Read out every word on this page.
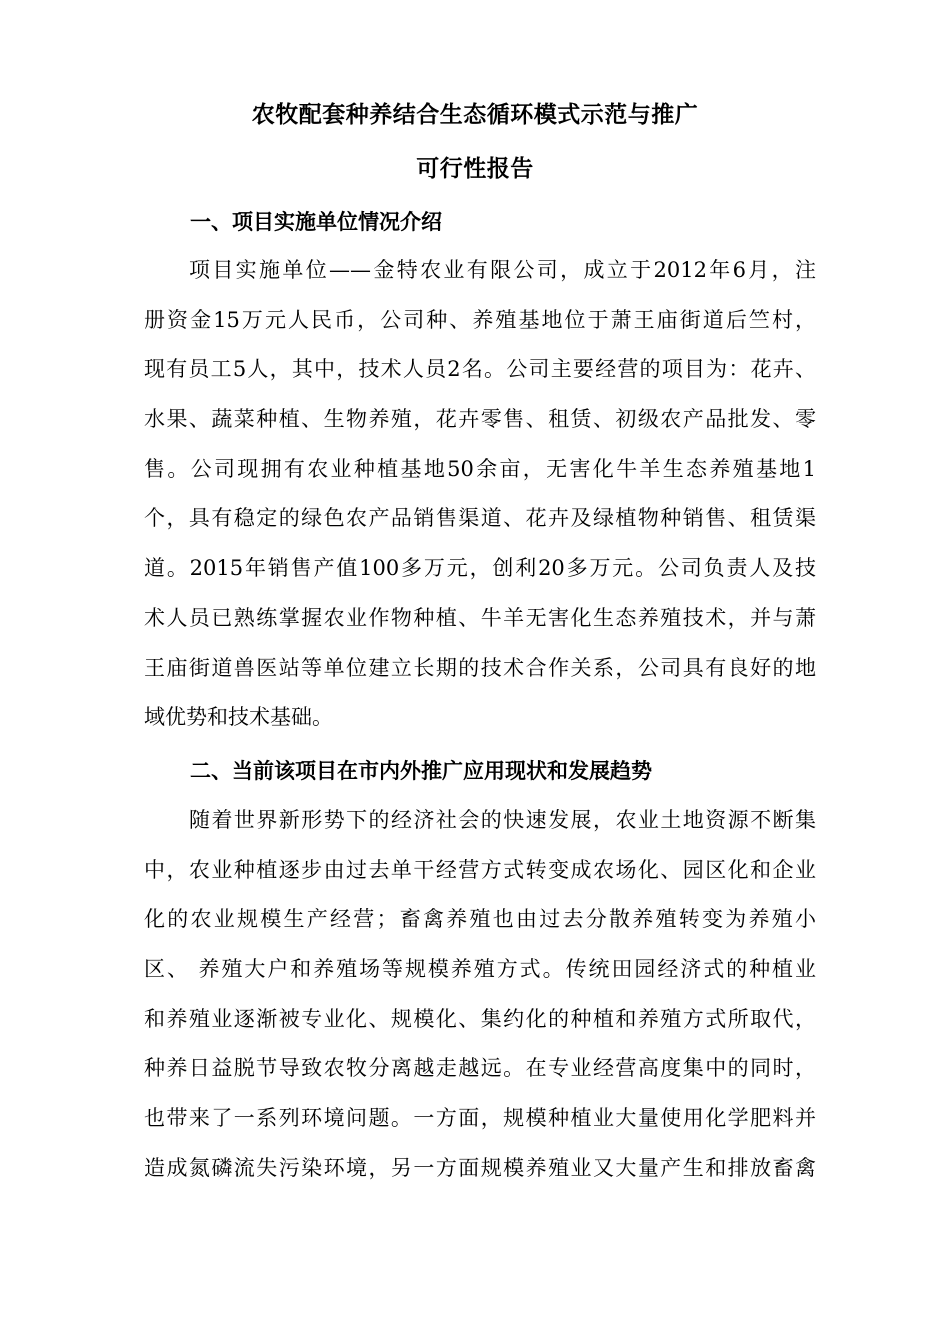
农牧配套种养结合生态循环模式示范与推广
可行性报告
一、项目实施单位情况介绍
项目实施单位——金特农业有限公司，成立于2012年6月，注
册资金15万元人民币，公司种、养殖基地位于萧王庙街道后竺村，
现有员工5人，其中，技术人员2名。公司主要经营的项目为：花卉、
水果、蔬菜种植、生物养殖，花卉零售、租赁、初级农产品批发、零
售。公司现拥有农业种植基地50余亩，无害化牛羊生态养殖基地1
个，具有稳定的绿色农产品销售渠道、花卉及绿植物种销售、租赁渠
道。2015年销售产值100多万元，创利20多万元。公司负责人及技
术人员已熟练掌握农业作物种植、牛羊无害化生态养殖技术，并与萧
王庙街道兽医站等单位建立长期的技术合作关系，公司具有良好的地
域优势和技术基础。
二、当前该项目在市内外推广应用现状和发展趋势
随着世界新形势下的经济社会的快速发展，农业土地资源不断集
中，农业种植逐步由过去单干经营方式转变成农场化、园区化和企业
化的农业规模生产经营；畜禽养殖也由过去分散养殖转变为养殖小
区、 养殖大户和养殖场等规模养殖方式。传统田园经济式的种植业
和养殖业逐渐被专业化、规模化、集约化的种植和养殖方式所取代，
种养日益脱节导致农牧分离越走越远。在专业经营高度集中的同时，
也带来了一系列环境问题。一方面，规模种植业大量使用化学肥料并
造成氮磷流失污染环境，另一方面规模养殖业又大量产生和排放畜禽
